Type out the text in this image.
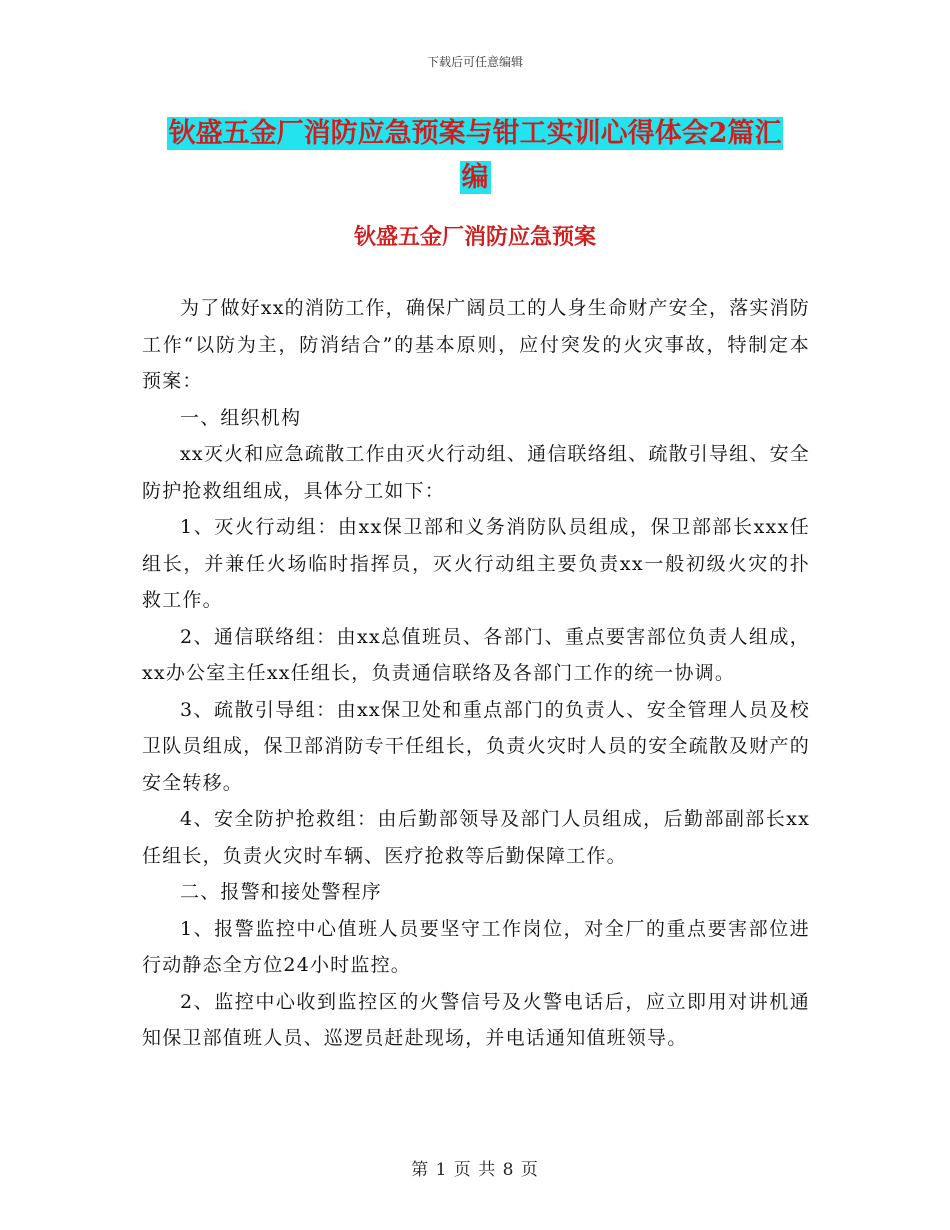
下载后可任意编辑
钬盛五金厂消防应急预案与钳工实训心得体会2篇汇
编
钬盛五金厂消防应急预案

为了做好xx的消防工作，确保广阔员工的人身生命财产安全，落实消防工作“以防为主，防消结合”的基本原则，应付突发的火灾事故，特制定本预案：

一、组织机构

xx灭火和应急疏散工作由灭火行动组、通信联络组、疏散引导组、安全防护抢救组组成，具体分工如下：

1、灭火行动组：由xx保卫部和义务消防队员组成，保卫部部长xxx任组长，并兼任火场临时指挥员，灭火行动组主要负责xx一般初级火灾的扑救工作。

2、通信联络组：由xx总值班员、各部门、重点要害部位负责人组成，xx办公室主任xx任组长，负责通信联络及各部门工作的统一协调。

3、疏散引导组：由xx保卫处和重点部门的负责人、安全管理人员及校卫队员组成，保卫部消防专干任组长，负责火灾时人员的安全疏散及财产的安全转移。

4、安全防护抢救组：由后勤部领导及部门人员组成，后勤部副部长xx任组长，负责火灾时车辆、医疗抢救等后勤保障工作。

二、报警和接处警程序

1、报警监控中心值班人员要坚守工作岗位，对全厂的重点要害部位进行动静态全方位24小时监控。

2、监控中心收到监控区的火警信号及火警电话后，应立即用对讲机通知保卫部值班人员、巡逻员赶赴现场，并电话通知值班领导。

第 1 页 共 8 页
